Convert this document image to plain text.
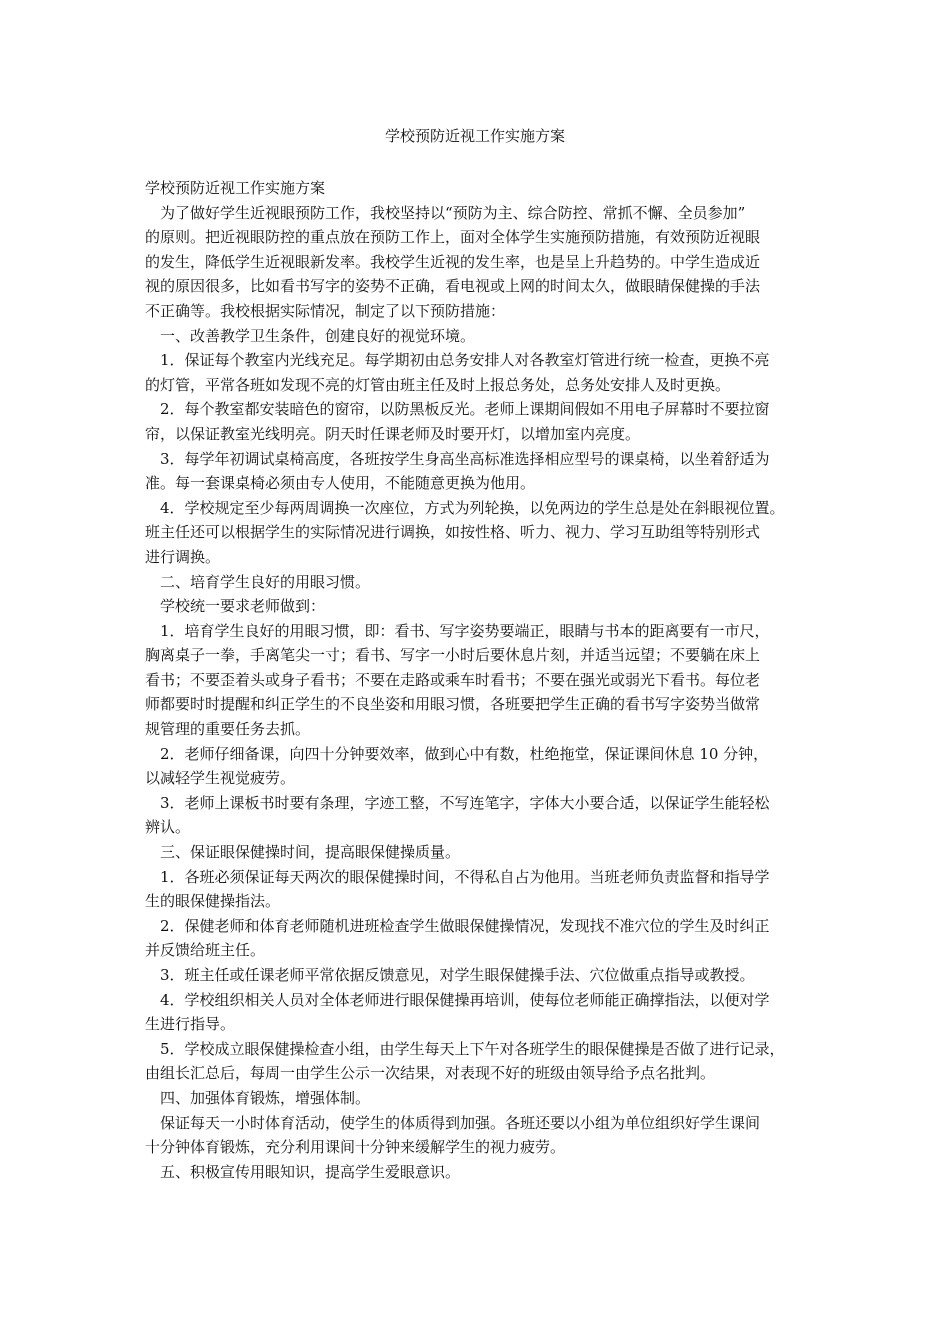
学校预防近视工作实施方案
学校预防近视工作实施方案
为了做好学生近视眼预防工作，我校坚持以“预防为主、综合防控、常抓不懈、全员参加”
的原则。把近视眼防控的重点放在预防工作上，面对全体学生实施预防措施，有效预防近视眼
的发生，降低学生近视眼新发率。我校学生近视的发生率，也是呈上升趋势的。中学生造成近
视的原因很多，比如看书写字的姿势不正确，看电视或上网的时间太久，做眼睛保健操的手法
不正确等。我校根据实际情况，制定了以下预防措施：
一、改善教学卫生条件，创建良好的视觉环境。
1．保证每个教室内光线充足。每学期初由总务安排人对各教室灯管进行统一检查，更换不亮
的灯管，平常各班如发现不亮的灯管由班主任及时上报总务处，总务处安排人及时更换。
2．每个教室都安装暗色的窗帘，以防黑板反光。老师上课期间假如不用电子屏幕时不要拉窗
帘，以保证教室光线明亮。阴天时任课老师及时要开灯，以增加室内亮度。
3．每学年初调试桌椅高度，各班按学生身高坐高标准选择相应型号的课桌椅，以坐着舒适为
准。每一套课桌椅必须由专人使用，不能随意更换为他用。
4．学校规定至少每两周调换一次座位，方式为列轮换，以免两边的学生总是处在斜眼视位置。
班主任还可以根据学生的实际情况进行调换，如按性格、听力、视力、学习互助组等特别形式
进行调换。
二、培育学生良好的用眼习惯。
学校统一要求老师做到：
1．培育学生良好的用眼习惯，即：看书、写字姿势要端正，眼睛与书本的距离要有一市尺，
胸离桌子一拳，手离笔尖一寸；看书、写字一小时后要休息片刻，并适当远望；不要躺在床上
看书；不要歪着头或身子看书；不要在走路或乘车时看书；不要在强光或弱光下看书。每位老
师都要时时提醒和纠正学生的不良坐姿和用眼习惯，各班要把学生正确的看书写字姿势当做常
规管理的重要任务去抓。
2．老师仔细备课，向四十分钟要效率，做到心中有数，杜绝拖堂，保证课间休息 10 分钟，
以减轻学生视觉疲劳。
3．老师上课板书时要有条理，字迹工整，不写连笔字，字体大小要合适，以保证学生能轻松
辨认。
三、保证眼保健操时间，提高眼保健操质量。
1．各班必须保证每天两次的眼保健操时间，不得私自占为他用。当班老师负责监督和指导学
生的眼保健操指法。
2．保健老师和体育老师随机进班检查学生做眼保健操情况，发现找不准穴位的学生及时纠正
并反馈给班主任。
3．班主任或任课老师平常依据反馈意见，对学生眼保健操手法、穴位做重点指导或教授。
4．学校组织相关人员对全体老师进行眼保健操再培训，使每位老师能正确撑指法，以便对学
生进行指导。
5．学校成立眼保健操检查小组，由学生每天上下午对各班学生的眼保健操是否做了进行记录，
由组长汇总后，每周一由学生公示一次结果，对表现不好的班级由领导给予点名批判。
四、加强体育锻炼，增强体制。
保证每天一小时体育活动，使学生的体质得到加强。各班还要以小组为单位组织好学生课间
十分钟体育锻炼，充分利用课间十分钟来缓解学生的视力疲劳。
五、积极宣传用眼知识，提高学生爱眼意识。
